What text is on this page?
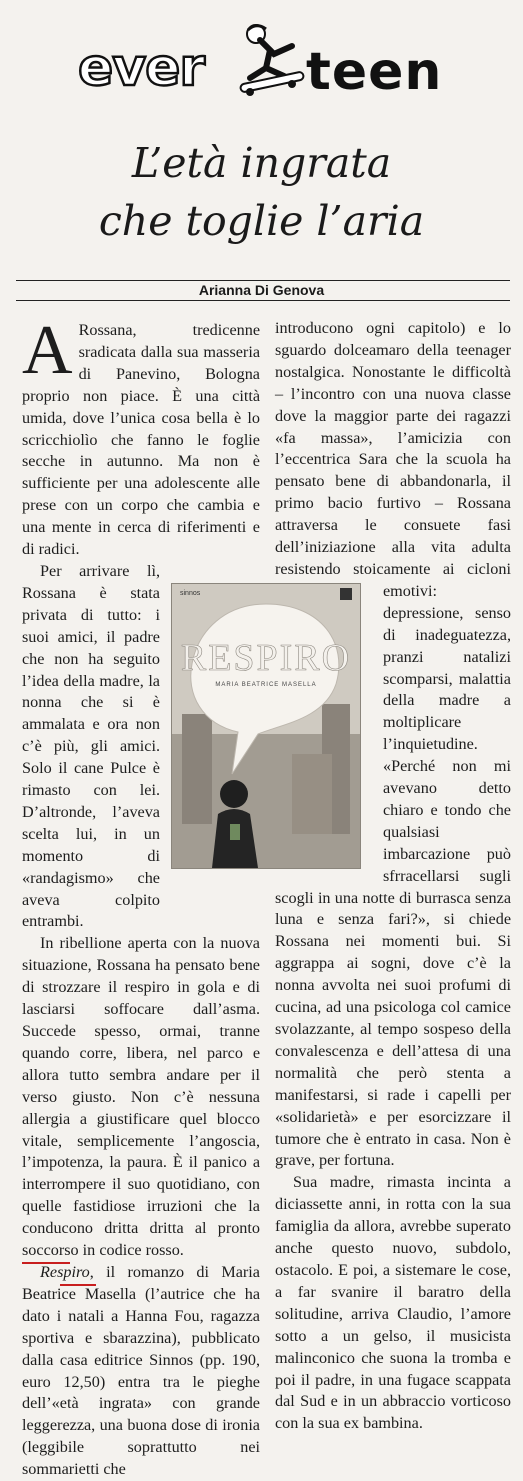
ever teen
L’età ingrata
che toglie l’aria
Arianna Di Genova

A Rossana, tredicenne sradicata dalla sua masseria di Panevino, Bologna proprio non piace. È una città umida, dove l’unica cosa bella è lo scricchiolìo che fanno le foglie secche in autunno. Ma non è sufficiente per una adolescente alle prese con un corpo che cambia e una mente in cerca di riferimenti e di radici.

Per arrivare lì, Rossana è stata privata di tutto: i suoi amici, il padre che non ha seguito l’idea della madre, la nonna che si è ammalata e ora non c’è più, gli amici. Solo il cane Pulce è rimasto con lei. D’altronde, l’aveva scelta lui, in un momento di «randagismo» che aveva colpito entrambi.

In ribellione aperta con la nuova situazione, Rossana ha pensato bene di strozzare il respiro in gola e di lasciarsi soffocare dall’asma. Succede spesso, ormai, tranne quando corre, libera, nel parco e allora tutto sembra andare per il verso giusto. Non c’è nessuna allergia a giustificare quel blocco vitale, semplicemente l’angoscia, l’impotenza, la paura. È il panico a interrompere il suo quotidiano, con quelle fastidiose irruzioni che la conducono dritta dritta al pronto soccorso in codice rosso.

Respiro, il romanzo di Maria Beatrice Masella (l’autrice che ha dato i natali a Hanna Fou, ragazza sportiva e sbarazzina), pubblicato dalla casa editrice Sinnos (pp. 190, euro 12,50) entra tra le pieghe dell’«età ingrata» con grande leggerezza, una buona dose di ironia (leggibile soprattutto nei sommarietti che

introducono ogni capitolo) e lo sguardo dolceamaro della teenager nostalgica. Nonostante le difficoltà – l’incontro con una nuova classe dove la maggior parte dei ragazzi «fa massa», l’amicizia con l’eccentrica Sara che la scuola ha pensato bene di abbandonarla, il primo bacio furtivo – Rossana attraversa le consuete fasi dell’iniziazione alla vita adulta resistendo stoicamente ai cicloni emotivi: depressione, senso di inadeguatezza, pranzi natalizi scomparsi, malattia della madre a moltiplicare l’inquietudine. «Perché non mi avevano detto chiaro e tondo che qualsiasi imbarcazione può sfrracellarsi sugli scogli in una notte di burrasca senza luna e senza fari?», si chiede Rossana nei momenti bui. Si aggrappa ai sogni, dove c’è la nonna avvolta nei suoi profumi di cucina, ad una psicologa col camice svolazzante, al tempo sospeso della convalescenza e dell’attesa di una normalità che però stenta a manifestarsi, si rade i capelli per «solidarietà» e per esorcizzare il tumore che è entrato in casa. Non è grave, per fortuna.

Sua madre, rimasta incinta a diciassette anni, in rotta con la sua famiglia da allora, avrebbe superato anche questo nuovo, subdolo, ostacolo. E poi, a sistemare le cose, a far svanire il baratro della solitudine, arriva Claudio, l’amore sotto a un gelso, il musicista malinconico che suona la tromba e poi il padre, in una fugace scappata dal Sud e in un abbraccio vorticoso con la sua ex bambina.

sinnos
RESPIRO
MARIA BEATRICE MASELLA
